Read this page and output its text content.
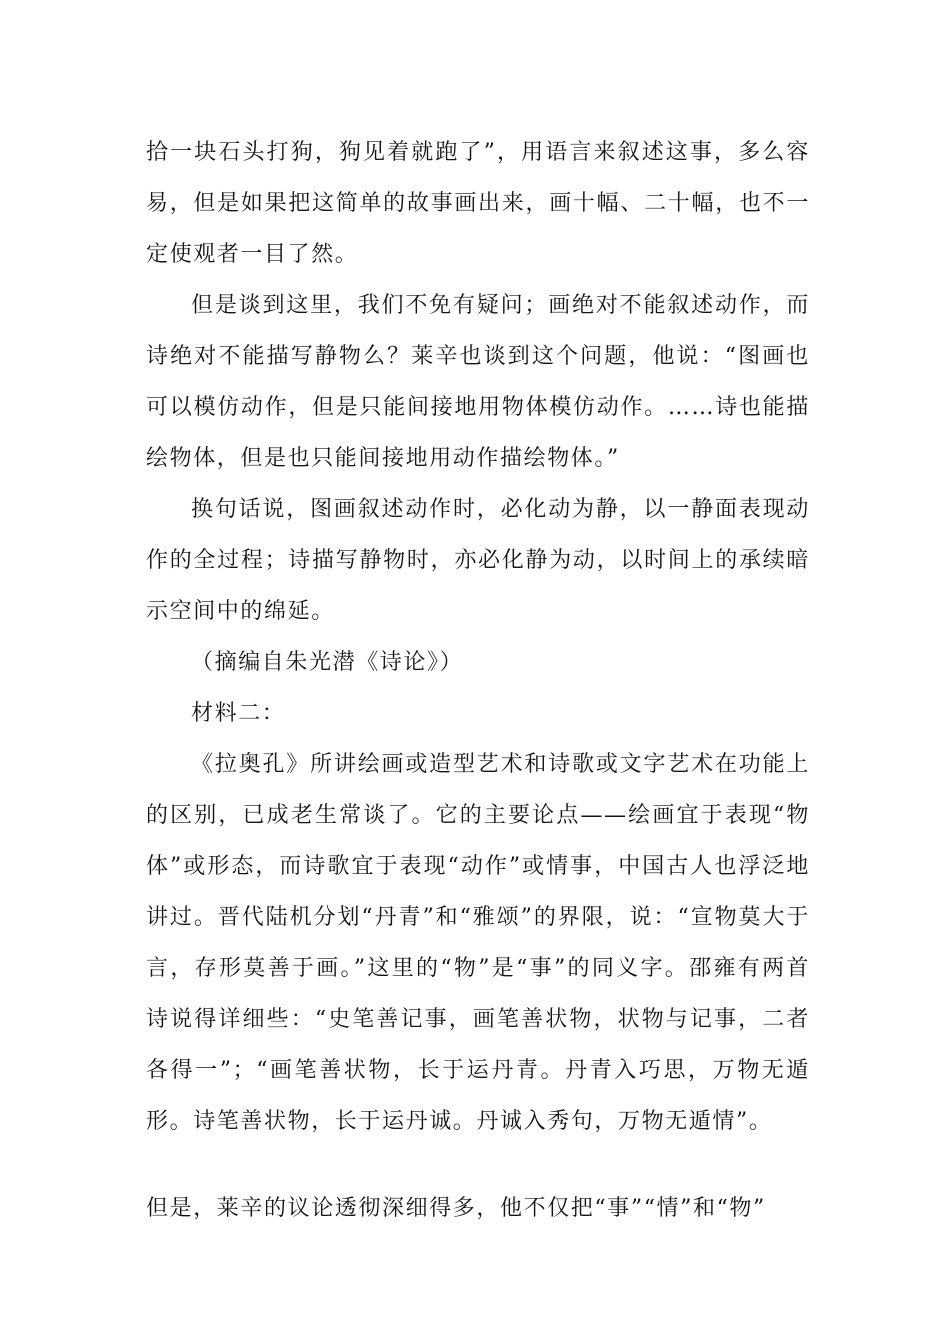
拾一块石头打狗，狗见着就跑了”，用语言来叙述这事，多么容易，但是如果把这简单的故事画出来，画十幅、二十幅，也不一定使观者一目了然。

但是谈到这里，我们不免有疑问；画绝对不能叙述动作，而诗绝对不能描写静物么？莱辛也谈到这个问题，他说：“图画也可以模仿动作，但是只能间接地用物体模仿动作。……诗也能描绘物体，但是也只能间接地用动作描绘物体。”

换句话说，图画叙述动作时，必化动为静，以一静面表现动作的全过程；诗描写静物时，亦必化静为动，以时间上的承续暗示空间中的绵延。

（摘编自朱光潜《诗论》）

材料二：

《拉奥孔》所讲绘画或造型艺术和诗歌或文字艺术在功能上的区别，已成老生常谈了。它的主要论点——绘画宜于表现“物体”或形态，而诗歌宜于表现“动作”或情事，中国古人也浮泛地讲过。晋代陆机分划“丹青”和“雅颂”的界限，说：“宣物莫大于言，存形莫善于画。”这里的“物”是“事”的同义字。邵雍有两首诗说得详细些：“史笔善记事，画笔善状物，状物与记事，二者各得一”；“画笔善状物，长于运丹青。丹青入巧思，万物无遁形。诗笔善状物，长于运丹诚。丹诚入秀句，万物无遁情”。

但是，莱辛的议论透彻深细得多，他不仅把“事”“情”和“物”
